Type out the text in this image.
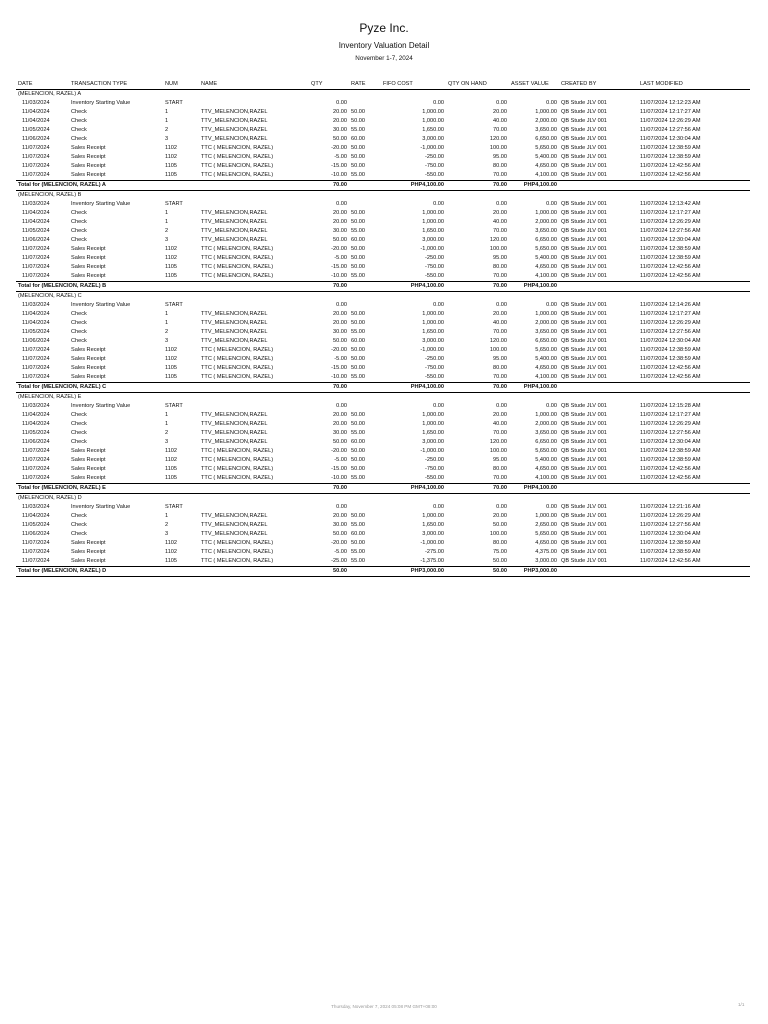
Pyze Inc.
Inventory Valuation Detail
November 1-7, 2024
DATE	TRANSACTION TYPE	NUM	NAME	QTY	RATE	FIFO COST	QTY ON HAND	ASSET VALUE	CREATED BY	LAST MODIFIED
(MELENCION, RAZEL) A										
11/03/2024	Inventory Starting Value	START		0.00		0.00	0.00	0.00	QB Stude JLV 001	11/07/2024 12:12:23 AM
11/04/2024	Check	1	TTV_MELENCION,RAZEL	20.00	50.00	1,000.00	20.00	1,000.00	QB Stude JLV 001	11/07/2024 12:17:27 AM
11/04/2024	Check	1	TTV_MELENCION,RAZEL	20.00	50.00	1,000.00	40.00	2,000.00	QB Stude JLV 001	11/07/2024 12:26:29 AM
11/05/2024	Check	2	TTV_MELENCION,RAZEL	30.00	55.00	1,650.00	70.00	3,650.00	QB Stude JLV 001	11/07/2024 12:27:56 AM
11/06/2024	Check	3	TTV_MELENCION,RAZEL	50.00	60.00	3,000.00	120.00	6,650.00	QB Stude JLV 001	11/07/2024 12:30:04 AM
11/07/2024	Sales Receipt	1102	TTC ( MELENCION, RAZEL)	-20.00	50.00	-1,000.00	100.00	5,650.00	QB Stude JLV 001	11/07/2024 12:38:59 AM
11/07/2024	Sales Receipt	1102	TTC ( MELENCION, RAZEL)	-5.00	50.00	-250.00	95.00	5,400.00	QB Stude JLV 001	11/07/2024 12:38:59 AM
11/07/2024	Sales Receipt	1105	TTC ( MELENCION, RAZEL)	-15.00	50.00	-750.00	80.00	4,650.00	QB Stude JLV 001	11/07/2024 12:42:56 AM
11/07/2024	Sales Receipt	1105	TTC ( MELENCION, RAZEL)	-10.00	55.00	-550.00	70.00	4,100.00	QB Stude JLV 001	11/07/2024 12:42:56 AM
Total for (MELENCION, RAZEL) A				70.00		PHP4,100.00	70.00	PHP4,100.00		
(MELENCION, RAZEL) B										
11/03/2024	Inventory Starting Value	START		0.00		0.00	0.00	0.00	QB Stude JLV 001	11/07/2024 12:13:42 AM
11/04/2024	Check	1	TTV_MELENCION,RAZEL	20.00	50.00	1,000.00	20.00	1,000.00	QB Stude JLV 001	11/07/2024 12:17:27 AM
11/04/2024	Check	1	TTV_MELENCION,RAZEL	20.00	50.00	1,000.00	40.00	2,000.00	QB Stude JLV 001	11/07/2024 12:26:29 AM
11/05/2024	Check	2	TTV_MELENCION,RAZEL	30.00	55.00	1,650.00	70.00	3,650.00	QB Stude JLV 001	11/07/2024 12:27:56 AM
11/06/2024	Check	3	TTV_MELENCION,RAZEL	50.00	60.00	3,000.00	120.00	6,650.00	QB Stude JLV 001	11/07/2024 12:30:04 AM
11/07/2024	Sales Receipt	1102	TTC ( MELENCION, RAZEL)	-20.00	50.00	-1,000.00	100.00	5,650.00	QB Stude JLV 001	11/07/2024 12:38:59 AM
11/07/2024	Sales Receipt	1102	TTC ( MELENCION, RAZEL)	-5.00	50.00	-250.00	95.00	5,400.00	QB Stude JLV 001	11/07/2024 12:38:59 AM
11/07/2024	Sales Receipt	1105	TTC ( MELENCION, RAZEL)	-15.00	50.00	-750.00	80.00	4,650.00	QB Stude JLV 001	11/07/2024 12:42:56 AM
11/07/2024	Sales Receipt	1105	TTC ( MELENCION, RAZEL)	-10.00	55.00	-550.00	70.00	4,100.00	QB Stude JLV 001	11/07/2024 12:42:56 AM
Total for (MELENCION, RAZEL) B				70.00		PHP4,100.00	70.00	PHP4,100.00		
(MELENCION, RAZEL) C										
11/03/2024	Inventory Starting Value	START		0.00		0.00	0.00	0.00	QB Stude JLV 001	11/07/2024 12:14:26 AM
11/04/2024	Check	1	TTV_MELENCION,RAZEL	20.00	50.00	1,000.00	20.00	1,000.00	QB Stude JLV 001	11/07/2024 12:17:27 AM
11/04/2024	Check	1	TTV_MELENCION,RAZEL	20.00	50.00	1,000.00	40.00	2,000.00	QB Stude JLV 001	11/07/2024 12:26:29 AM
11/05/2024	Check	2	TTV_MELENCION,RAZEL	30.00	55.00	1,650.00	70.00	3,650.00	QB Stude JLV 001	11/07/2024 12:27:56 AM
11/06/2024	Check	3	TTV_MELENCION,RAZEL	50.00	60.00	3,000.00	120.00	6,650.00	QB Stude JLV 001	11/07/2024 12:30:04 AM
11/07/2024	Sales Receipt	1102	TTC ( MELENCION, RAZEL)	-20.00	50.00	-1,000.00	100.00	5,650.00	QB Stude JLV 001	11/07/2024 12:38:59 AM
11/07/2024	Sales Receipt	1102	TTC ( MELENCION, RAZEL)	-5.00	50.00	-250.00	95.00	5,400.00	QB Stude JLV 001	11/07/2024 12:38:59 AM
11/07/2024	Sales Receipt	1105	TTC ( MELENCION, RAZEL)	-15.00	50.00	-750.00	80.00	4,650.00	QB Stude JLV 001	11/07/2024 12:42:56 AM
11/07/2024	Sales Receipt	1105	TTC ( MELENCION, RAZEL)	-10.00	55.00	-550.00	70.00	4,100.00	QB Stude JLV 001	11/07/2024 12:42:56 AM
Total for (MELENCION, RAZEL) C				70.00		PHP4,100.00	70.00	PHP4,100.00		
(MELENCION, RAZEL) E										
11/03/2024	Inventory Starting Value	START		0.00		0.00	0.00	0.00	QB Stude JLV 001	11/07/2024 12:15:28 AM
11/04/2024	Check	1	TTV_MELENCION,RAZEL	20.00	50.00	1,000.00	20.00	1,000.00	QB Stude JLV 001	11/07/2024 12:17:27 AM
11/04/2024	Check	1	TTV_MELENCION,RAZEL	20.00	50.00	1,000.00	40.00	2,000.00	QB Stude JLV 001	11/07/2024 12:26:29 AM
11/05/2024	Check	2	TTV_MELENCION,RAZEL	30.00	55.00	1,650.00	70.00	3,650.00	QB Stude JLV 001	11/07/2024 12:27:56 AM
11/06/2024	Check	3	TTV_MELENCION,RAZEL	50.00	60.00	3,000.00	120.00	6,650.00	QB Stude JLV 001	11/07/2024 12:30:04 AM
11/07/2024	Sales Receipt	1102	TTC ( MELENCION, RAZEL)	-20.00	50.00	-1,000.00	100.00	5,650.00	QB Stude JLV 001	11/07/2024 12:38:59 AM
11/07/2024	Sales Receipt	1102	TTC ( MELENCION, RAZEL)	-5.00	50.00	-250.00	95.00	5,400.00	QB Stude JLV 001	11/07/2024 12:38:59 AM
11/07/2024	Sales Receipt	1105	TTC ( MELENCION, RAZEL)	-15.00	50.00	-750.00	80.00	4,650.00	QB Stude JLV 001	11/07/2024 12:42:56 AM
11/07/2024	Sales Receipt	1105	TTC ( MELENCION, RAZEL)	-10.00	55.00	-550.00	70.00	4,100.00	QB Stude JLV 001	11/07/2024 12:42:56 AM
Total for (MELENCION, RAZEL) E				70.00		PHP4,100.00	70.00	PHP4,100.00		
(MELENCION, RAZEL) D										
11/03/2024	Inventory Starting Value	START		0.00		0.00	0.00	0.00	QB Stude JLV 001	11/07/2024 12:21:16 AM
11/04/2024	Check	1	TTV_MELENCION,RAZEL	20.00	50.00	1,000.00	20.00	1,000.00	QB Stude JLV 001	11/07/2024 12:26:29 AM
11/05/2024	Check	2	TTV_MELENCION,RAZEL	30.00	55.00	1,650.00	50.00	2,650.00	QB Stude JLV 001	11/07/2024 12:27:56 AM
11/06/2024	Check	3	TTV_MELENCION,RAZEL	50.00	60.00	3,000.00	100.00	5,650.00	QB Stude JLV 001	11/07/2024 12:30:04 AM
11/07/2024	Sales Receipt	1102	TTC ( MELENCION, RAZEL)	-20.00	50.00	-1,000.00	80.00	4,650.00	QB Stude JLV 001	11/07/2024 12:38:59 AM
11/07/2024	Sales Receipt	1102	TTC ( MELENCION, RAZEL)	-5.00	55.00	-275.00	75.00	4,375.00	QB Stude JLV 001	11/07/2024 12:38:59 AM
11/07/2024	Sales Receipt	1105	TTC ( MELENCION, RAZEL)	-25.00	55.00	-1,375.00	50.00	3,000.00	QB Stude JLV 001	11/07/2024 12:42:56 AM
Total for (MELENCION, RAZEL) D				50.00		PHP3,000.00	50.00	PHP3,000.00		
Thursday, November 7, 2024 05:08 PM GMT+08:00	1/1
